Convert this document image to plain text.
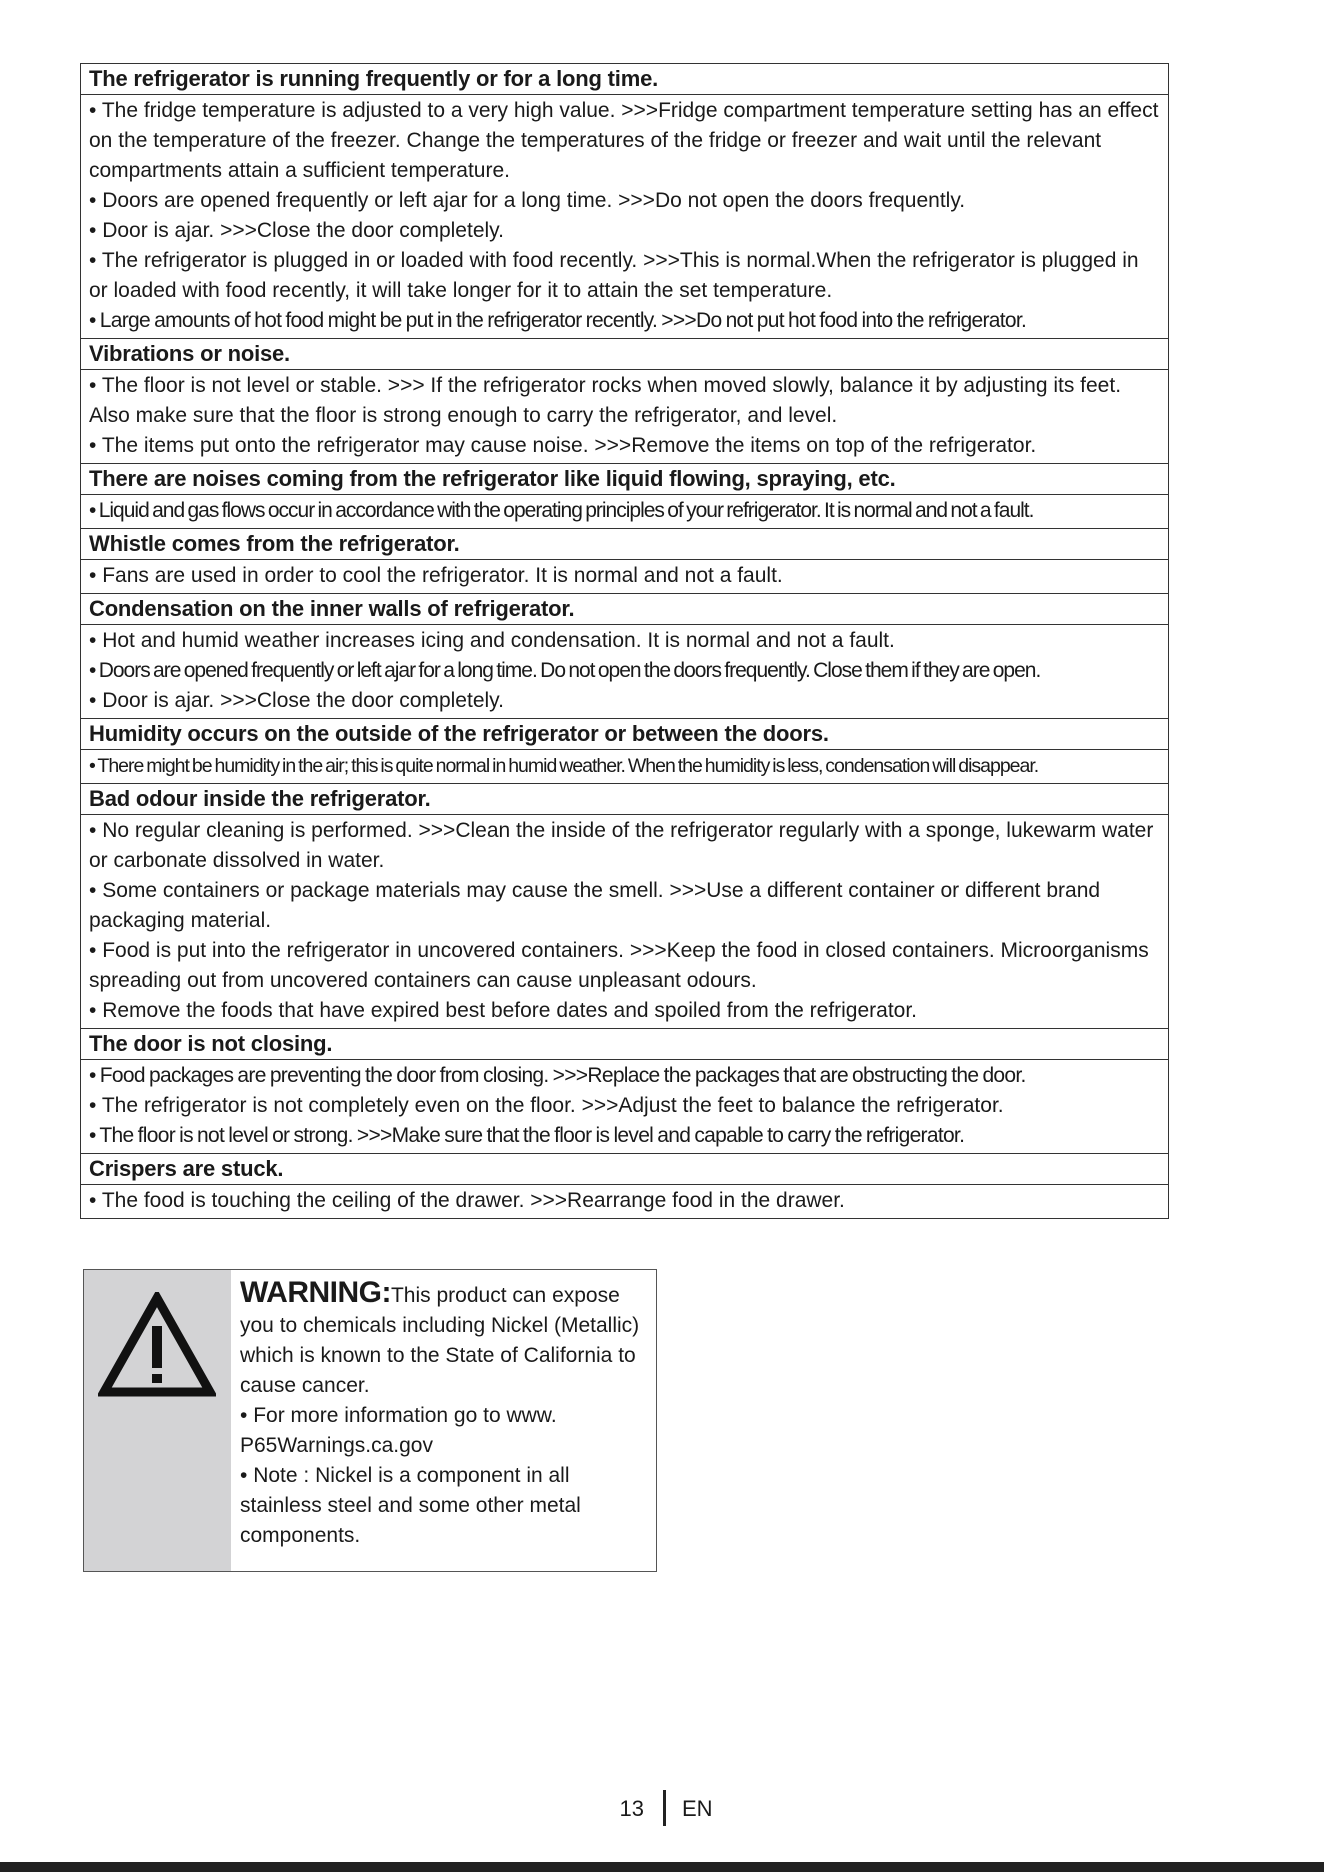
The refrigerator is running frequently or for a long time.
• The fridge temperature is adjusted to a very high value. >>>Fridge compartment temperature setting has an effect on the temperature of the freezer. Change the temperatures of the fridge or freezer and wait until the relevant compartments attain a sufficient temperature.
• Doors are opened frequently or left ajar for a long time. >>>Do not open the doors frequently.
• Door is ajar. >>>Close the door completely.
• The refrigerator is plugged in or loaded with food recently. >>>This is normal.When the refrigerator is plugged in or loaded with food recently, it will take longer for it to attain the set temperature.
• Large amounts of hot food might be put in the refrigerator recently. >>>Do not put hot food into the refrigerator.
Vibrations or noise.
• The floor is not level or stable. >>> If the refrigerator rocks when moved slowly, balance it by adjusting its feet. Also make sure that the floor is strong enough to carry the refrigerator, and level.
• The items put onto the refrigerator may cause noise. >>>Remove the items on top of the refrigerator.
There are noises coming from the refrigerator like liquid flowing, spraying, etc.
• Liquid and gas flows occur in accordance with the operating principles of your refrigerator. It is normal and not a fault.
Whistle comes from the refrigerator.
• Fans are used in order to cool the refrigerator. It is normal and not a fault.
Condensation on the inner walls of refrigerator.
• Hot and humid weather increases icing and condensation. It is normal and not a fault.
• Doors are opened frequently or left ajar for a long time. Do not open the doors frequently. Close them if they are open.
• Door is ajar. >>>Close the door completely.
Humidity occurs on the outside of the refrigerator or between the doors.
• There might be humidity in the air; this is quite normal in humid weather. When the humidity is less, condensation will disappear.
Bad odour inside the refrigerator.
• No regular cleaning is performed. >>>Clean the inside of the refrigerator regularly with a sponge, lukewarm water or carbonate dissolved in water.
• Some containers or package materials may cause the smell. >>>Use a different container or different brand packaging material.
• Food is put into the refrigerator in uncovered containers. >>>Keep the food in closed containers. Microorganisms spreading out from uncovered containers can cause unpleasant odours.
• Remove the foods that have expired best before dates and spoiled from the refrigerator.
The door is not closing.
• Food packages are preventing the door from closing. >>>Replace the packages that are obstructing the door.
• The refrigerator is not completely even on the floor. >>>Adjust the feet to balance the refrigerator.
• The floor is not level or strong. >>>Make sure that the floor is level and capable to carry the refrigerator.
Crispers are stuck.
• The food is touching the ceiling of the drawer. >>>Rearrange food in the drawer.
WARNING:This product can expose you to chemicals including Nickel (Metallic) which is known to the State of California to cause cancer.
• For more information go to www. P65Warnings.ca.gov
• Note : Nickel is a component in all stainless steel and some other metal components.
13 EN
